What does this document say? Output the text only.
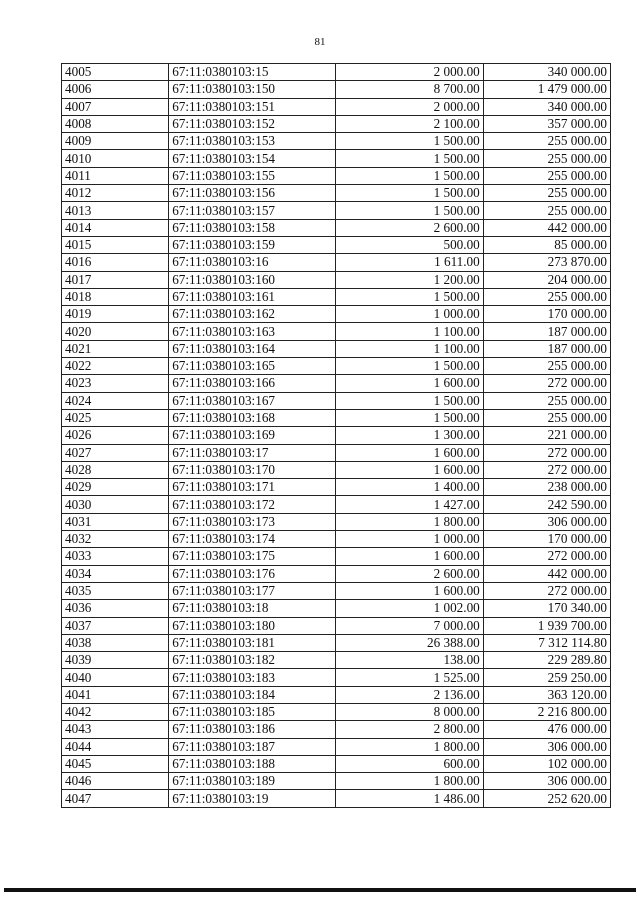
81
4005	67:11:0380103:15	2 000.00	340 000.00
4006	67:11:0380103:150	8 700.00	1 479 000.00
4007	67:11:0380103:151	2 000.00	340 000.00
4008	67:11:0380103:152	2 100.00	357 000.00
4009	67:11:0380103:153	1 500.00	255 000.00
4010	67:11:0380103:154	1 500.00	255 000.00
4011	67:11:0380103:155	1 500.00	255 000.00
4012	67:11:0380103:156	1 500.00	255 000.00
4013	67:11:0380103:157	1 500.00	255 000.00
4014	67:11:0380103:158	2 600.00	442 000.00
4015	67:11:0380103:159	500.00	85 000.00
4016	67:11:0380103:16	1 611.00	273 870.00
4017	67:11:0380103:160	1 200.00	204 000.00
4018	67:11:0380103:161	1 500.00	255 000.00
4019	67:11:0380103:162	1 000.00	170 000.00
4020	67:11:0380103:163	1 100.00	187 000.00
4021	67:11:0380103:164	1 100.00	187 000.00
4022	67:11:0380103:165	1 500.00	255 000.00
4023	67:11:0380103:166	1 600.00	272 000.00
4024	67:11:0380103:167	1 500.00	255 000.00
4025	67:11:0380103:168	1 500.00	255 000.00
4026	67:11:0380103:169	1 300.00	221 000.00
4027	67:11:0380103:17	1 600.00	272 000.00
4028	67:11:0380103:170	1 600.00	272 000.00
4029	67:11:0380103:171	1 400.00	238 000.00
4030	67:11:0380103:172	1 427.00	242 590.00
4031	67:11:0380103:173	1 800.00	306 000.00
4032	67:11:0380103:174	1 000.00	170 000.00
4033	67:11:0380103:175	1 600.00	272 000.00
4034	67:11:0380103:176	2 600.00	442 000.00
4035	67:11:0380103:177	1 600.00	272 000.00
4036	67:11:0380103:18	1 002.00	170 340.00
4037	67:11:0380103:180	7 000.00	1 939 700.00
4038	67:11:0380103:181	26 388.00	7 312 114.80
4039	67:11:0380103:182	138.00	229 289.80
4040	67:11:0380103:183	1 525.00	259 250.00
4041	67:11:0380103:184	2 136.00	363 120.00
4042	67:11:0380103:185	8 000.00	2 216 800.00
4043	67:11:0380103:186	2 800.00	476 000.00
4044	67:11:0380103:187	1 800.00	306 000.00
4045	67:11:0380103:188	600.00	102 000.00
4046	67:11:0380103:189	1 800.00	306 000.00
4047	67:11:0380103:19	1 486.00	252 620.00
